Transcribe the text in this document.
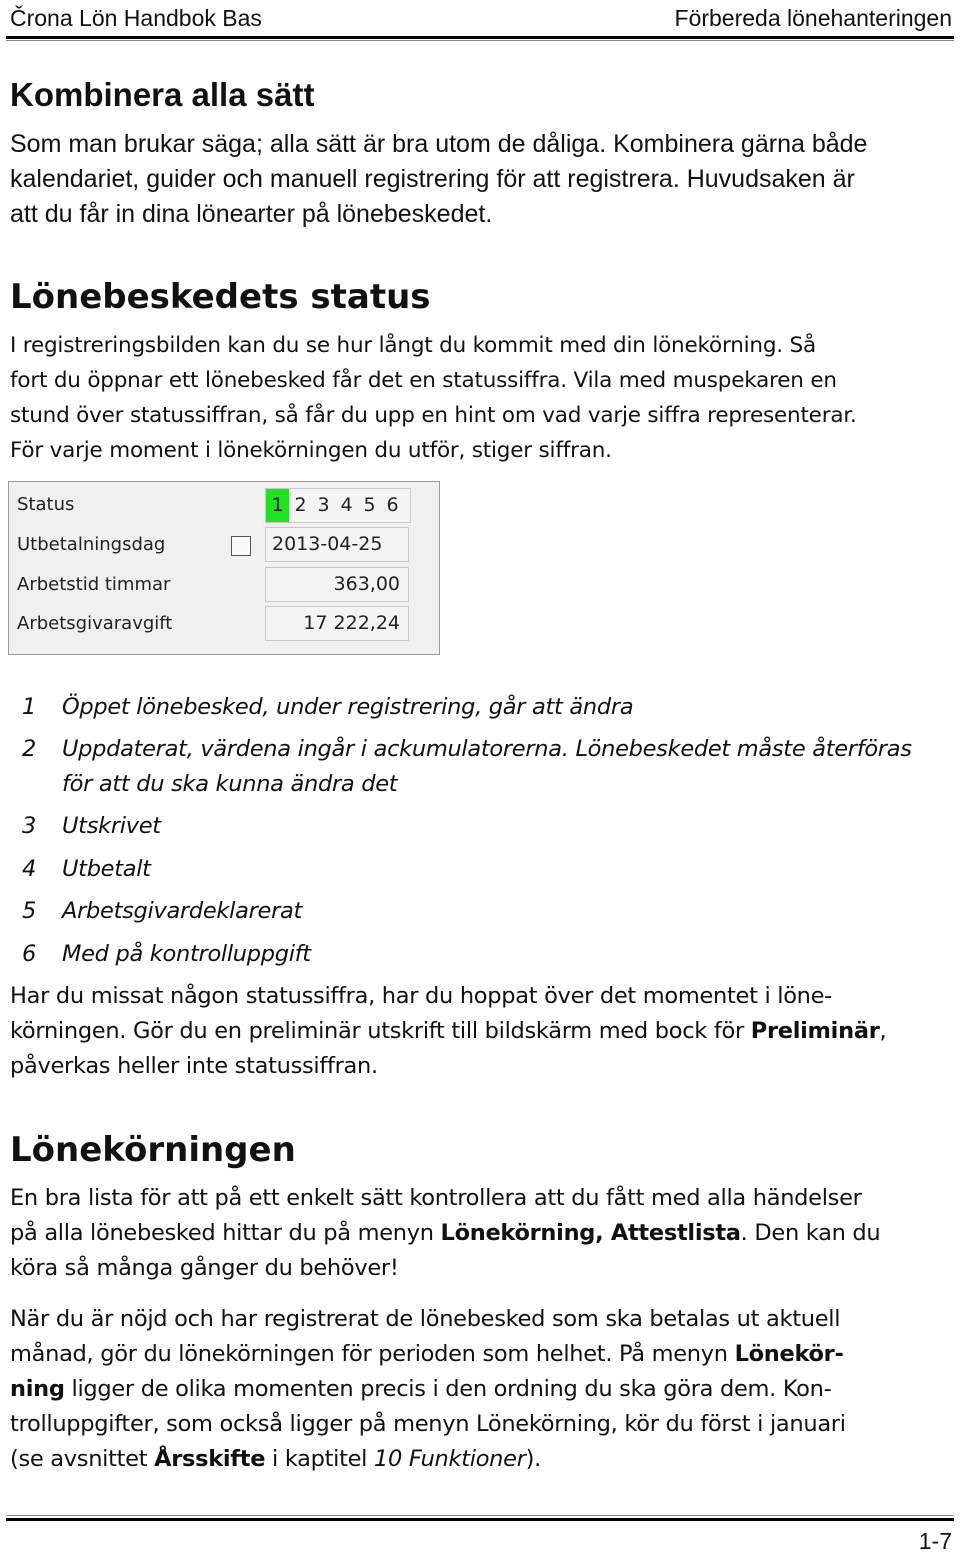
Črona Lön Handbok Bas	Förbereda lönehanteringen
Kombinera alla sätt
Som man brukar säga; alla sätt är bra utom de dåliga. Kombinera gärna både
kalendariet, guider och manuell registrering för att registrera. Huvudsaken är
att du får in dina lönearter på lönebeskedet.
Lönebeskedets status
I registreringsbilden kan du se hur långt du kommit med din lönekörning. Så
fort du öppnar ett lönebesked får det en statussiffra. Vila med muspekaren en
stund över statussiffran, så får du upp en hint om vad varje siffra representerar.
För varje moment i lönekörningen du utför, stiger siffran.
Status	1 2 3 4 5 6
Utbetalningsdag	2013-04-25
Arbetstid timmar	363,00
Arbetsgivaravgift	17 222,24
1	Öppet lönebesked, under registrering, går att ändra
2	Uppdaterat, värdena ingår i ackumulatorerna. Lönebeskedet måste återföras
för att du ska kunna ändra det
3	Utskrivet
4	Utbetalt
5	Arbetsgivardeklarerat
6	Med på kontrolluppgift
Har du missat någon statussiffra, har du hoppat över det momentet i löne-
körningen. Gör du en preliminär utskrift till bildskärm med bock för Preliminär,
påverkas heller inte statussiffran.
Lönekörningen
En bra lista för att på ett enkelt sätt kontrollera att du fått med alla händelser
på alla lönebesked hittar du på menyn Lönekörning, Attestlista. Den kan du
köra så många gånger du behöver!
När du är nöjd och har registrerat de lönebesked som ska betalas ut aktuell
månad, gör du lönekörningen för perioden som helhet. På menyn Lönekör-
ning ligger de olika momenten precis i den ordning du ska göra dem. Kon-
trolluppgifter, som också ligger på menyn Lönekörning, kör du först i januari
(se avsnittet Årsskifte i kaptitel 10 Funktioner).
1-7
